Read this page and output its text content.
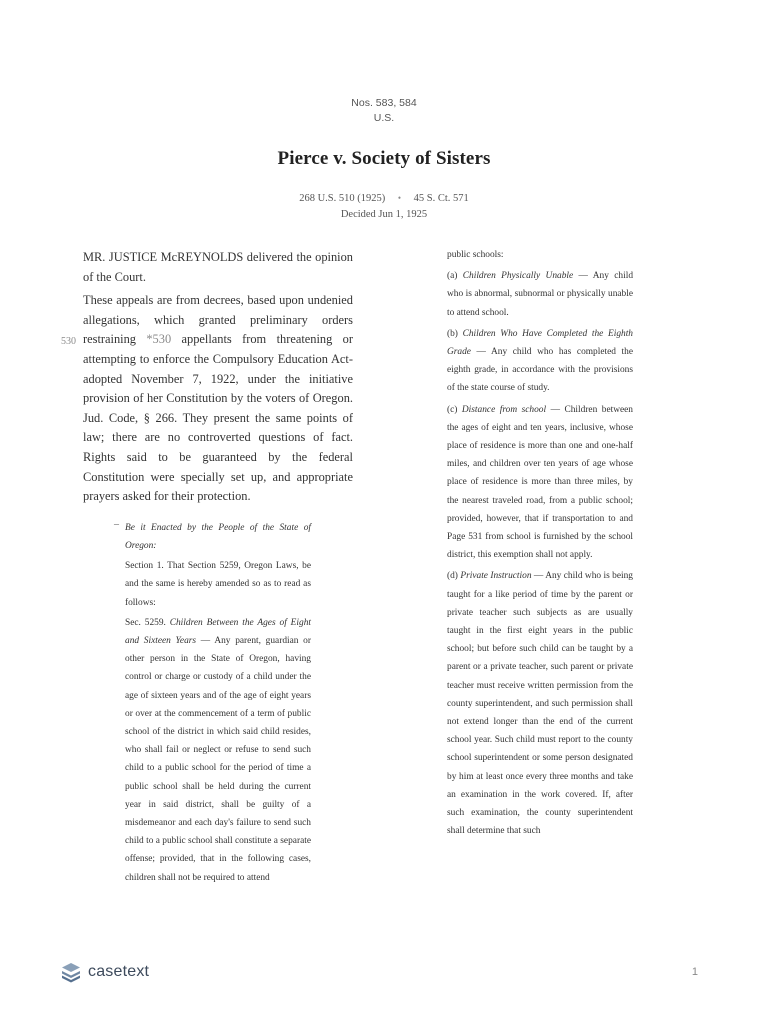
Nos. 583, 584
U.S.
Pierce v. Society of Sisters
268 U.S. 510 (1925) • 45 S. Ct. 571
Decided Jun 1, 1925
530

MR. JUSTICE McREYNOLDS delivered the opinion of the Court.

These appeals are from decrees, based upon undenied allegations, which granted preliminary orders restraining *530 appellants from threatening or attempting to enforce the Compulsory Education Act- adopted November 7, 1922, under the initiative provision of her Constitution by the voters of Oregon. Jud. Code, § 266. They present the same points of law; there are no controverted questions of fact. Rights said to be guaranteed by the federal Constitution were specially set up, and appropriate prayers asked for their protection.

– Be it Enacted by the People of the State of Oregon:

Section 1. That Section 5259, Oregon Laws, be and the same is hereby amended so as to read as follows:

Sec. 5259. Children Between the Ages of Eight and Sixteen Years — Any parent, guardian or other person in the State of Oregon, having control or charge or custody of a child under the age of sixteen years and of the age of eight years or over at the commencement of a term of public school of the district in which said child resides, who shall fail or neglect or refuse to send such child to a public school for the period of time a public school shall be held during the current year in said district, shall be guilty of a misdemeanor and each day's failure to send such child to a public school shall constitute a separate offense; provided, that in the following cases, children shall not be required to attend

public schools:

(a) Children Physically Unable — Any child who is abnormal, subnormal or physically unable to attend school.

(b) Children Who Have Completed the Eighth Grade — Any child who has completed the eighth grade, in accordance with the provisions of the state course of study.

(c) Distance from school — Children between the ages of eight and ten years, inclusive, whose place of residence is more than one and one-half miles, and children over ten years of age whose place of residence is more than three miles, by the nearest traveled road, from a public school; provided, however, that if transportation to and Page 531 from school is furnished by the school district, this exemption shall not apply.

(d) Private Instruction — Any child who is being taught for a like period of time by the parent or private teacher such subjects as are usually taught in the first eight years in the public school; but before such child can be taught by a parent or a private teacher, such parent or private teacher must receive written permission from the county superintendent, and such permission shall not extend longer than the end of the current school year. Such child must report to the county school superintendent or some person designated by him at least once every three months and take an examination in the work covered. If, after such examination, the county superintendent shall determine that such

casetext	1
